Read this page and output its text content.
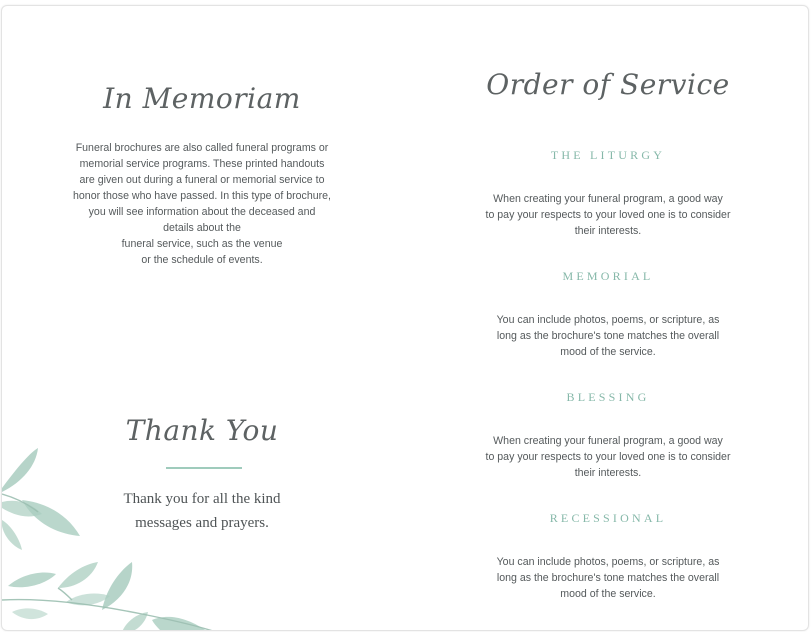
In Memoriam
Funeral brochures are also called funeral programs or
memorial service programs. These printed handouts
are given out during a funeral or memorial service to
honor those who have passed. In this type of brochure,
you will see information about the deceased and
details about the
funeral service, such as the venue
or the schedule of events.
Thank You
Thank you for all the kind
messages and prayers.
Order of Service
THE LITURGY

When creating your funeral program, a good way
to pay your respects to your loved one is to consider
their interests.

MEMORIAL

You can include photos, poems, or scripture, as
long as the brochure's tone matches the overall
mood of the service.

BLESSING

When creating your funeral program, a good way
to pay your respects to your loved one is to consider
their interests.

RECESSIONAL

You can include photos, poems, or scripture, as
long as the brochure's tone matches the overall
mood of the service.
